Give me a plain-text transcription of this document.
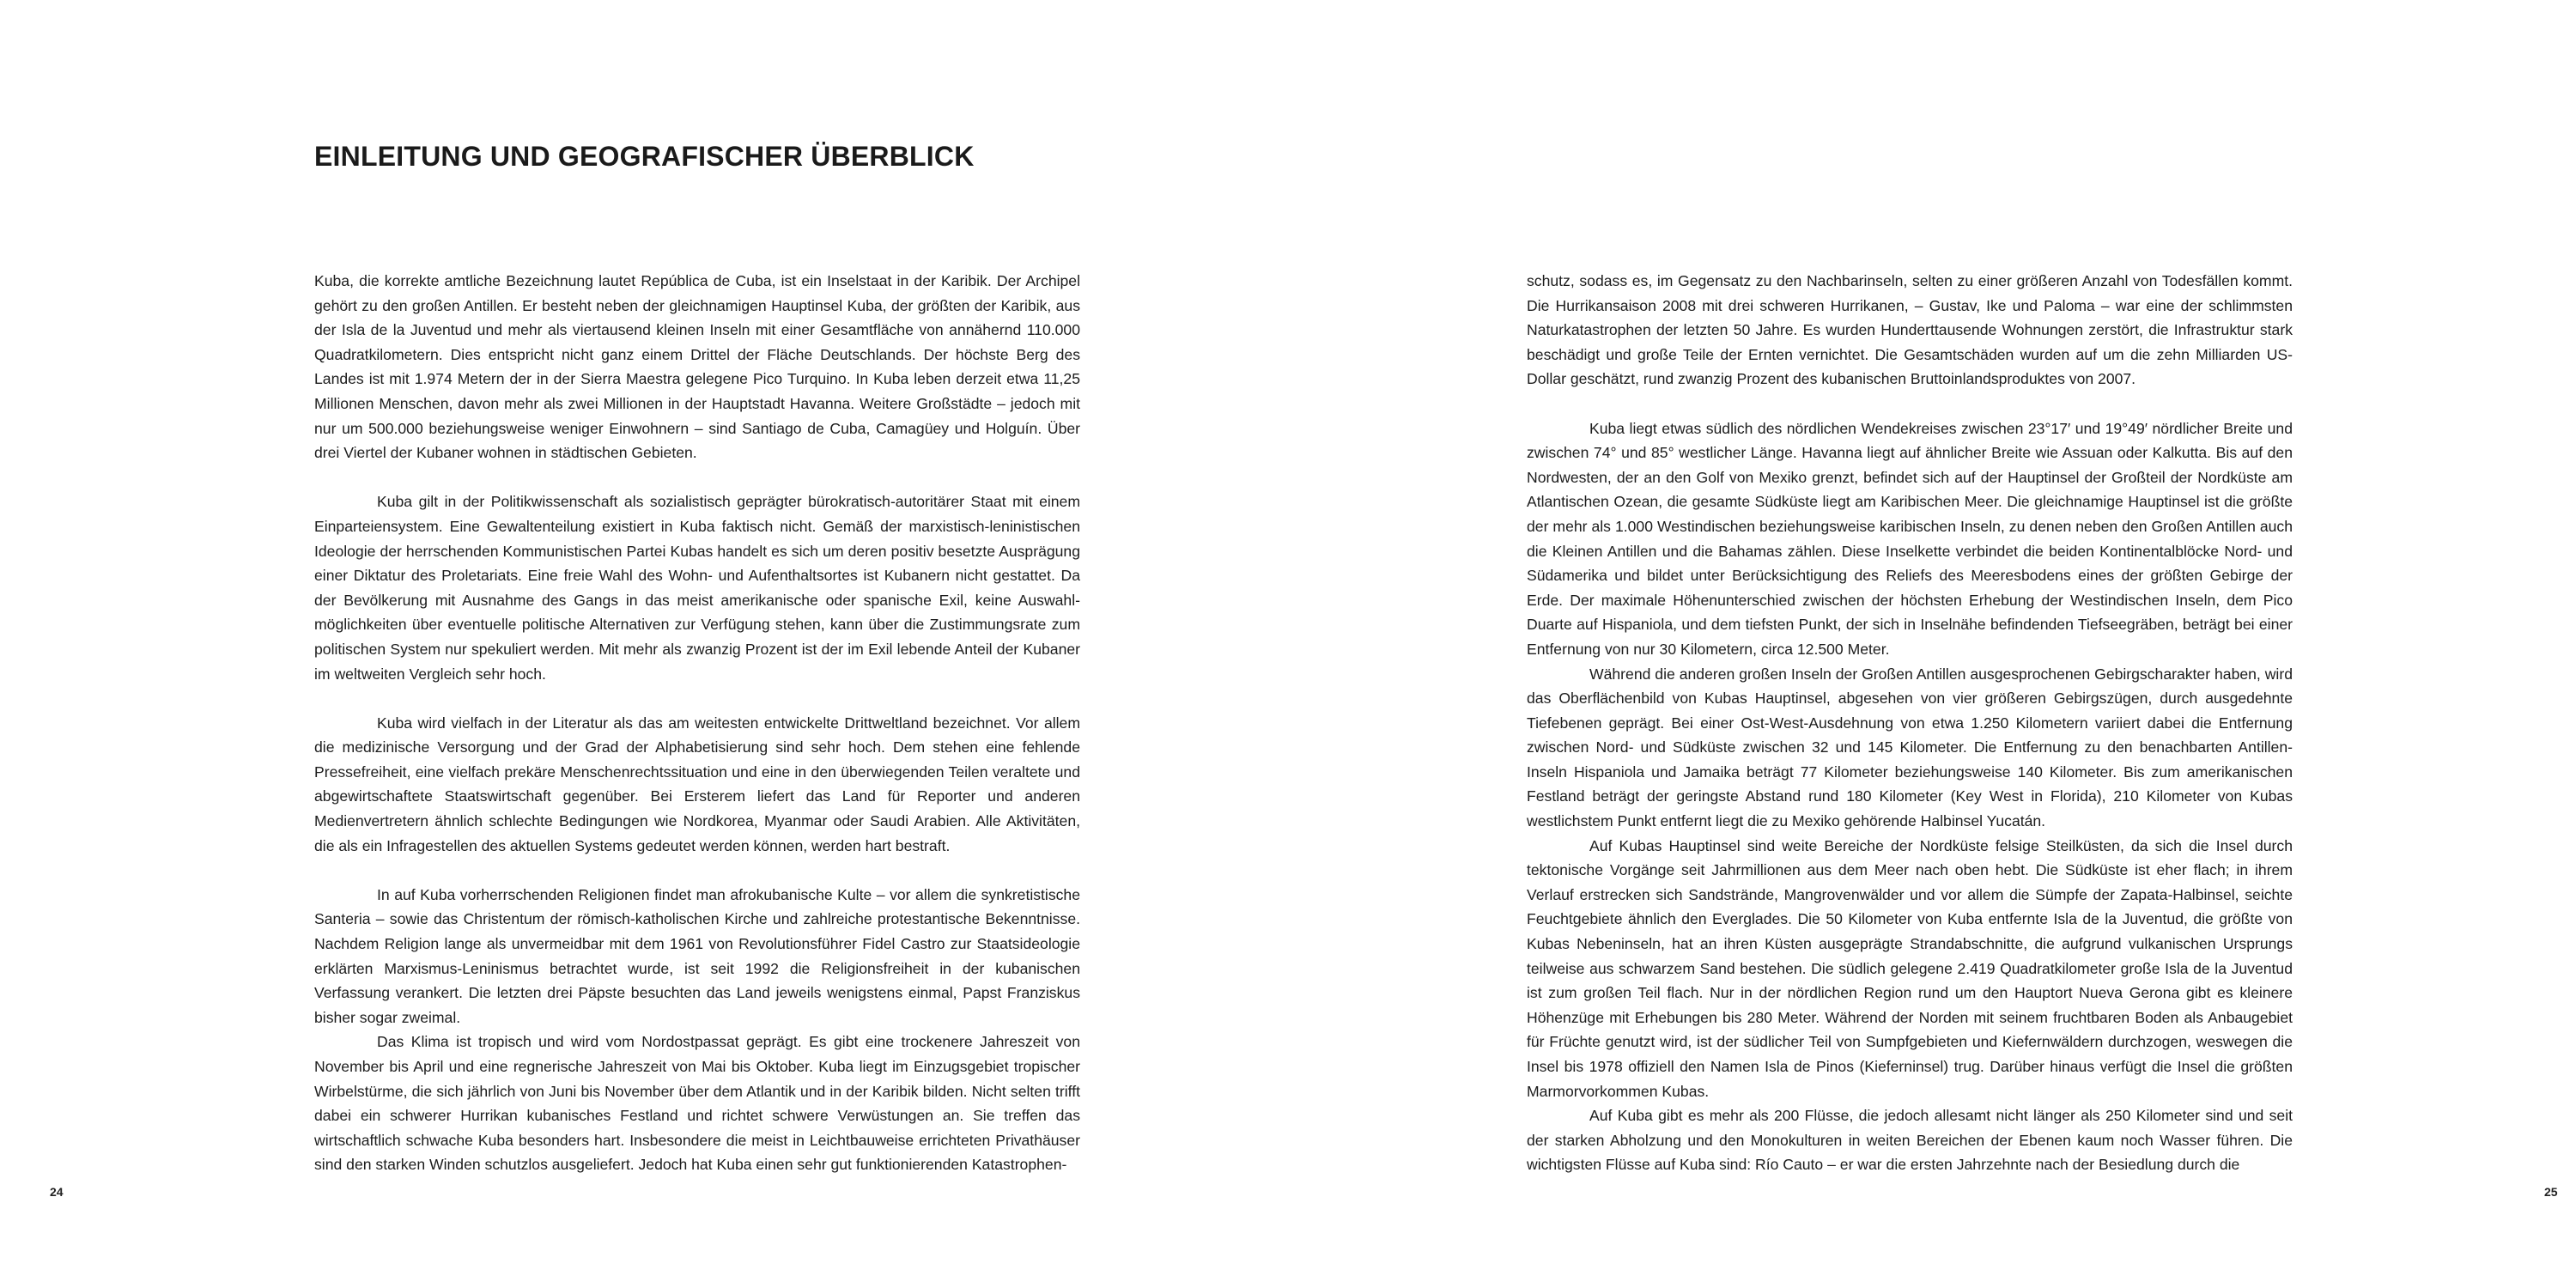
EINLEITUNG UND GEOGRAFISCHER ÜBERBLICK

Kuba, die korrekte amtliche Bezeichnung lautet República de Cuba, ist ein Inselstaat in der Karibik. Der Archipel gehört zu den großen Antillen. Er besteht neben der gleichnamigen Hauptinsel Kuba, der größten der Karibik, aus der Isla de la Juventud und mehr als viertausend kleinen Inseln mit einer Gesamtfläche von annähernd 110.000 Quadratkilometern. Dies entspricht nicht ganz einem Drittel der Fläche Deutschlands. Der höchste Berg des Landes ist mit 1.974 Metern der in der Sierra Maestra gelegene Pico Turquino. In Kuba leben derzeit etwa 11,25 Millionen Menschen, davon mehr als zwei Millionen in der Hauptstadt Havanna. Weitere Großstädte – jedoch mit nur um 500.000 beziehungsweise weniger Einwohnern – sind Santiago de Cuba, Camagüey und Holguín. Über drei Viertel der Kubaner wohnen in städtischen Gebieten.

Kuba gilt in der Politikwissenschaft als sozialistisch geprägter bürokratisch-autoritärer Staat mit einem Einparteiensystem. Eine Gewaltenteilung existiert in Kuba faktisch nicht. Gemäß der marxistisch-leninistischen Ideologie der herrschenden Kommunistischen Partei Kubas handelt es sich um deren positiv besetzte Ausprägung einer Diktatur des Proletariats. Eine freie Wahl des Wohn- und Aufenthaltsortes ist Kubanern nicht gestattet. Da der Bevölkerung mit Ausnahme des Gangs in das meist amerikanische oder spanische Exil, keine Auswahlmöglichkeiten über eventuelle politische Alternativen zur Verfügung stehen, kann über die Zustimmungsrate zum politischen System nur spekuliert werden. Mit mehr als zwanzig Prozent ist der im Exil lebende Anteil der Kubaner im weltweiten Vergleich sehr hoch.

Kuba wird vielfach in der Literatur als das am weitesten entwickelte Drittweltland bezeichnet. Vor allem die medizinische Versorgung und der Grad der Alphabetisierung sind sehr hoch. Dem stehen eine fehlende Pressefreiheit, eine vielfach prekäre Menschenrechtssituation und eine in den überwiegenden Teilen veraltete und abgewirtschaftete Staatswirtschaft gegenüber. Bei Ersterem liefert das Land für Reporter und anderen Medienvertretern ähnlich schlechte Bedingungen wie Nordkorea, Myanmar oder Saudi Arabien. Alle Aktivitäten, die als ein Infragestellen des aktuellen Systems gedeutet werden können, werden hart bestraft.

In auf Kuba vorherrschenden Religionen findet man afrokubanische Kulte – vor allem die synkretistische Santeria – sowie das Christentum der römisch-katholischen Kirche und zahlreiche protestantische Bekenntnisse. Nachdem Religion lange als unvermeidbar mit dem 1961 von Revolutionsführer Fidel Castro zur Staatsideologie erklärten Marxismus-Leninismus betrachtet wurde, ist seit 1992 die Religionsfreiheit in der kubanischen Verfassung verankert. Die letzten drei Päpste besuchten das Land jeweils wenigstens einmal, Papst Franziskus bisher sogar zweimal.

Das Klima ist tropisch und wird vom Nordostpassat geprägt. Es gibt eine trockenere Jahreszeit von November bis April und eine regnerische Jahreszeit von Mai bis Oktober. Kuba liegt im Einzugsgebiet tropischer Wirbelstürme, die sich jährlich von Juni bis November über dem Atlantik und in der Karibik bilden. Nicht selten trifft dabei ein schwerer Hurrikan kubanisches Festland und richtet schwere Verwüstungen an. Sie treffen das wirtschaftlich schwache Kuba besonders hart. Insbesondere die meist in Leichtbauweise errichteten Privathäuser sind den starken Winden schutzlos ausgeliefert. Jedoch hat Kuba einen sehr gut funktionierenden Katastrophen-

24

schutz, sodass es, im Gegensatz zu den Nachbarinseln, selten zu einer größeren Anzahl von Todesfällen kommt. Die Hurrikansaison 2008 mit drei schweren Hurrikanen, – Gustav, Ike und Paloma – war eine der schlimmsten Naturkatastrophen der letzten 50 Jahre. Es wurden Hunderttausende Wohnungen zerstört, die Infrastruktur stark beschädigt und große Teile der Ernten vernichtet. Die Gesamtschäden wurden auf um die zehn Milliarden US-Dollar geschätzt, rund zwanzig Prozent des kubanischen Bruttoinlandsproduktes von 2007.

Kuba liegt etwas südlich des nördlichen Wendekreises zwischen 23°17′ und 19°49′ nördlicher Breite und zwischen 74° und 85° westlicher Länge. Havanna liegt auf ähnlicher Breite wie Assuan oder Kalkutta. Bis auf den Nordwesten, der an den Golf von Mexiko grenzt, befindet sich auf der Hauptinsel der Großteil der Nordküste am Atlantischen Ozean, die gesamte Südküste liegt am Karibischen Meer. Die gleichnamige Hauptinsel ist die größte der mehr als 1.000 Westindischen beziehungsweise karibischen Inseln, zu denen neben den Großen Antillen auch die Kleinen Antillen und die Bahamas zählen. Diese Inselkette verbindet die beiden Kontinentalblöcke Nord- und Südamerika und bildet unter Berücksichtigung des Reliefs des Meeresbodens eines der größten Gebirge der Erde. Der maximale Höhenunterschied zwischen der höchsten Erhebung der Westindischen Inseln, dem Pico Duarte auf Hispaniola, und dem tiefsten Punkt, der sich in Inselnähe befindenden Tiefseegräben, beträgt bei einer Entfernung von nur 30 Kilometern, circa 12.500 Meter.

Während die anderen großen Inseln der Großen Antillen ausgesprochenen Gebirgscharakter haben, wird das Oberflächenbild von Kubas Hauptinsel, abgesehen von vier größeren Gebirgszügen, durch ausgedehnte Tiefebenen geprägt. Bei einer Ost-West-Ausdehnung von etwa 1.250 Kilometern variiert dabei die Entfernung zwischen Nord- und Südküste zwischen 32 und 145 Kilometer. Die Entfernung zu den benachbarten Antillen-Inseln Hispaniola und Jamaika beträgt 77 Kilometer beziehungsweise 140 Kilometer. Bis zum amerikanischen Festland beträgt der geringste Abstand rund 180 Kilometer (Key West in Florida), 210 Kilometer von Kubas westlichstem Punkt entfernt liegt die zu Mexiko gehörende Halbinsel Yucatán.

Auf Kubas Hauptinsel sind weite Bereiche der Nordküste felsige Steilküsten, da sich die Insel durch tektonische Vorgänge seit Jahrmillionen aus dem Meer nach oben hebt. Die Südküste ist eher flach; in ihrem Verlauf erstrecken sich Sandstrände, Mangrovenwälder und vor allem die Sümpfe der Zapata-Halbinsel, seichte Feuchtgebiete ähnlich den Everglades. Die 50 Kilometer von Kuba entfernte Isla de la Juventud, die größte von Kubas Nebeninseln, hat an ihren Küsten ausgeprägte Strandabschnitte, die aufgrund vulkanischen Ursprungs teilweise aus schwarzem Sand bestehen. Die südlich gelegene 2.419 Quadratkilometer große Isla de la Juventud ist zum großen Teil flach. Nur in der nördlichen Region rund um den Hauptort Nueva Gerona gibt es kleinere Höhenzüge mit Erhebungen bis 280 Meter. Während der Norden mit seinem fruchtbaren Boden als Anbaugebiet für Früchte genutzt wird, ist der südlicher Teil von Sumpfgebieten und Kiefernwäldern durchzogen, weswegen die Insel bis 1978 offiziell den Namen Isla de Pinos (Kieferninsel) trug. Darüber hinaus verfügt die Insel die größten Marmorvorkommen Kubas.

Auf Kuba gibt es mehr als 200 Flüsse, die jedoch allesamt nicht länger als 250 Kilometer sind und seit der starken Abholzung und den Monokulturen in weiten Bereichen der Ebenen kaum noch Wasser führen. Die wichtigsten Flüsse auf Kuba sind: Río Cauto – er war die ersten Jahrzehnte nach der Besiedlung durch die

25
